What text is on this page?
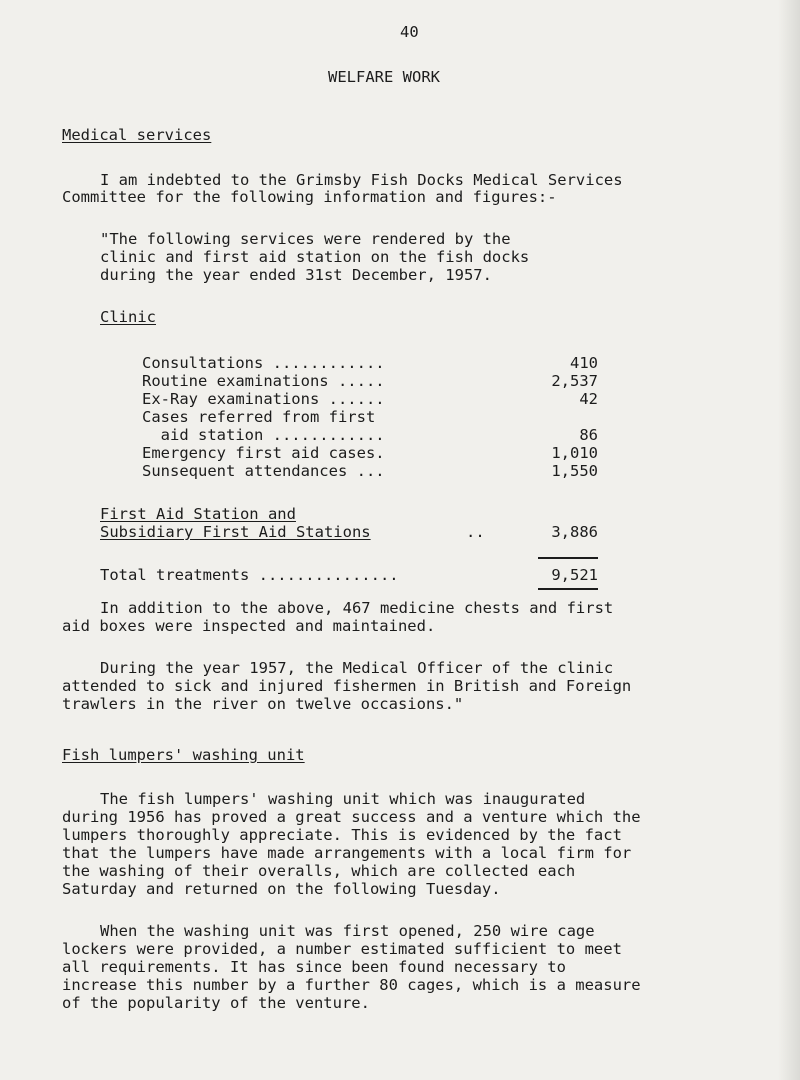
40
WELFARE WORK
Medical services
I am indebted to the Grimsby Fish Docks Medical Services
Committee for the following information and figures:-
"The following services were rendered by the
clinic and first aid station on the fish docks
during the year ended 31st December, 1957.
Clinic
Consultations ............	410
Routine examinations .....	2,537
Ex-Ray examinations ......	42
Cases referred from first
aid station ............	86
Emergency first aid cases.	1,010
Sunsequent attendances ...	1,550
First Aid Station and
Subsidiary First Aid Stations	..	3,886
Total treatments ...............	9,521
In addition to the above, 467 medicine chests and first
aid boxes were inspected and maintained.
During the year 1957, the Medical Officer of the clinic
attended to sick and injured fishermen in British and Foreign
trawlers in the river on twelve occasions."
Fish lumpers' washing unit
The fish lumpers' washing unit which was inaugurated
during 1956 has proved a great success and a venture which the
lumpers thoroughly appreciate. This is evidenced by the fact
that the lumpers have made arrangements with a local firm for
the washing of their overalls, which are collected each
Saturday and returned on the following Tuesday.
When the washing unit was first opened, 250 wire cage
lockers were provided, a number estimated sufficient to meet
all requirements. It has since been found necessary to
increase this number by a further 80 cages, which is a measure
of the popularity of the venture.
